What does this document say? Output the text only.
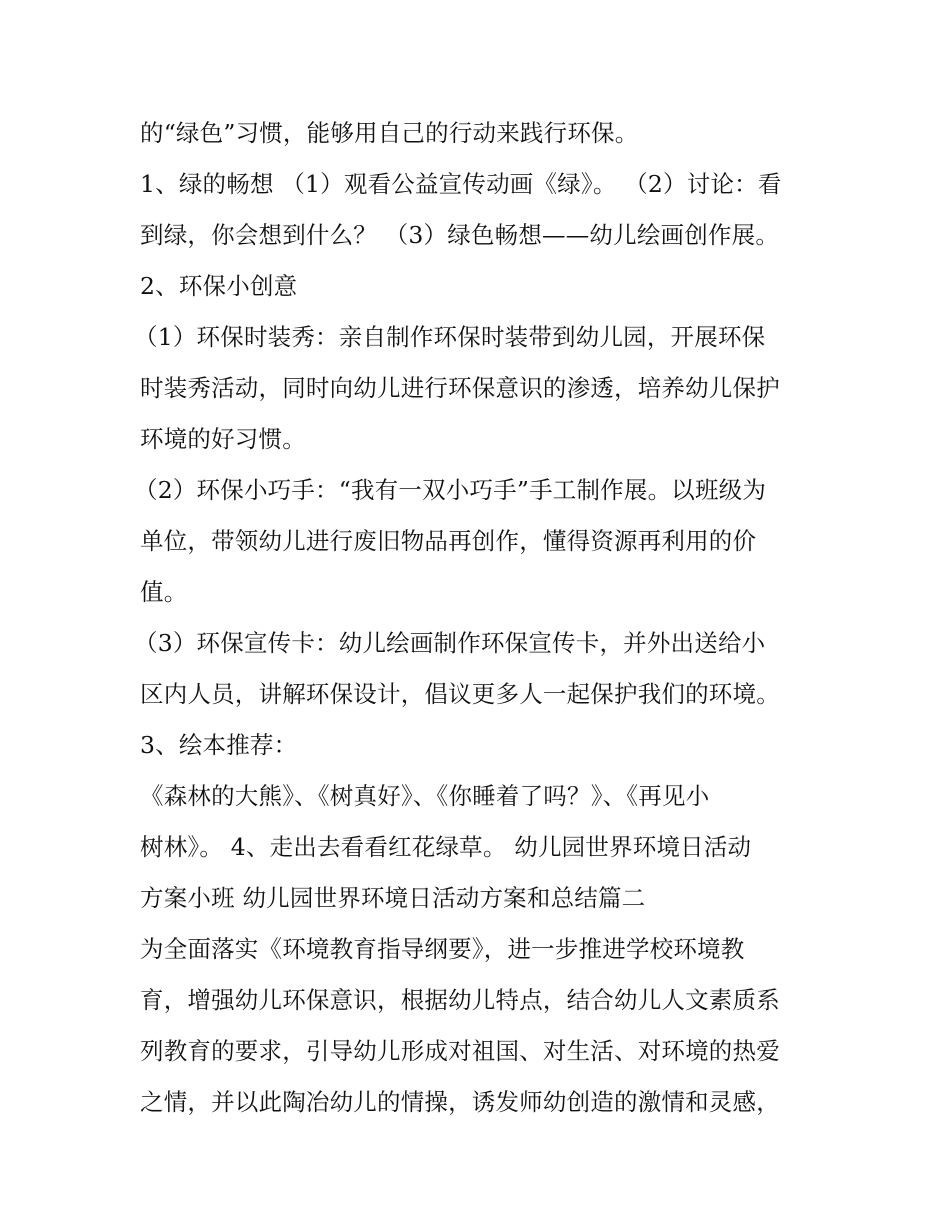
的“绿色”习惯，能够用自己的行动来践行环保。
1、绿的畅想 （1）观看公益宣传动画《绿》。 （2）讨论：看
到绿，你会想到什么？ （3）绿色畅想——幼儿绘画创作展。
2、环保小创意
（1）环保时装秀：亲自制作环保时装带到幼儿园，开展环保
时装秀活动，同时向幼儿进行环保意识的渗透，培养幼儿保护
环境的好习惯。
（2）环保小巧手：“我有一双小巧手”手工制作展。以班级为
单位，带领幼儿进行废旧物品再创作，懂得资源再利用的价
值。
（3）环保宣传卡：幼儿绘画制作环保宣传卡，并外出送给小
区内人员，讲解环保设计，倡议更多人一起保护我们的环境。
3、绘本推荐：
《森林的大熊》、《树真好》、《你睡着了吗？》、《再见小
树林》。 4、走出去看看红花绿草。 幼儿园世界环境日活动
方案小班 幼儿园世界环境日活动方案和总结篇二
为全面落实《环境教育指导纲要》，进一步推进学校环境教
育，增强幼儿环保意识，根据幼儿特点，结合幼儿人文素质系
列教育的要求，引导幼儿形成对祖国、对生活、对环境的热爱
之情，并以此陶冶幼儿的情操，诱发师幼创造的激情和灵感，
